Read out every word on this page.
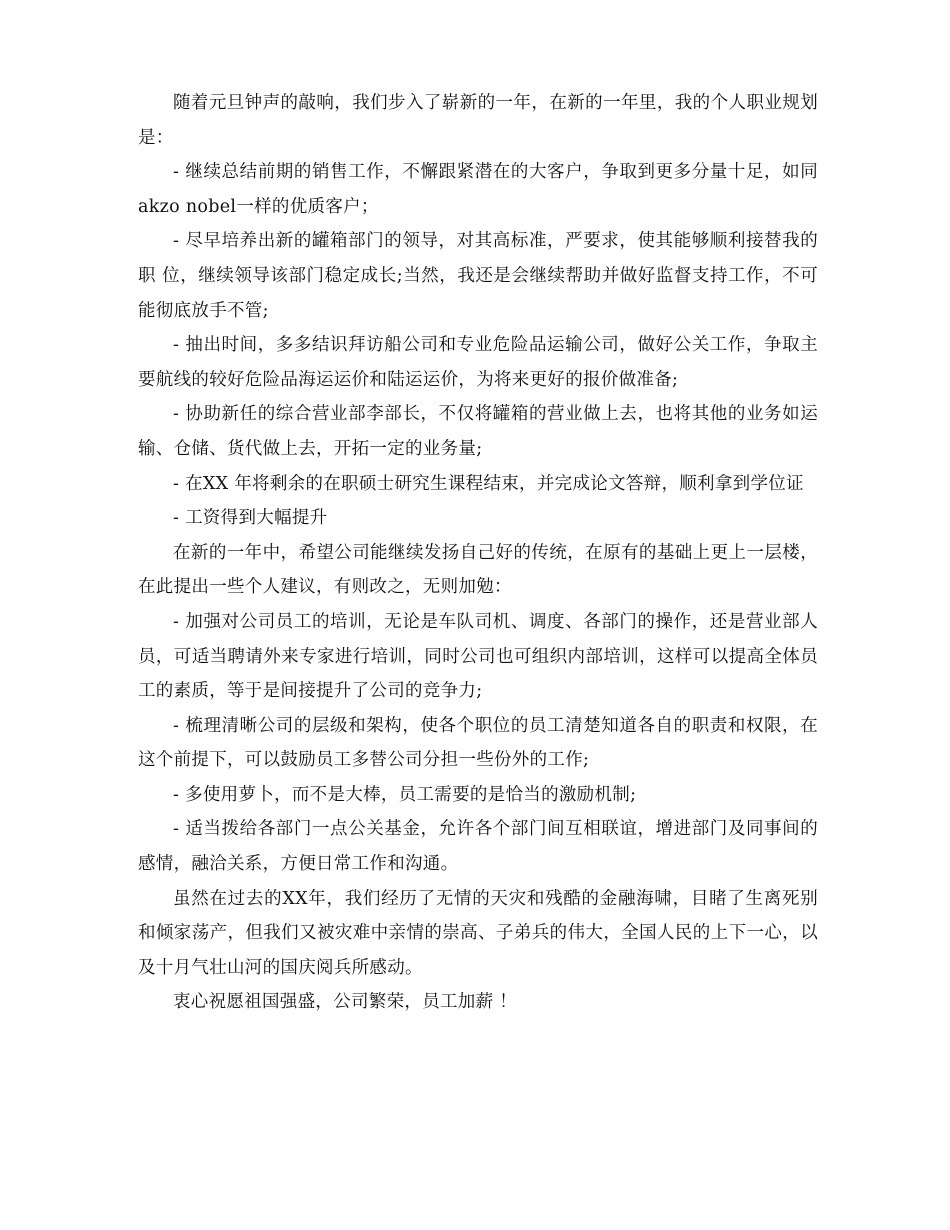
随着元旦钟声的敲响，我们步入了崭新的一年，在新的一年里，我的个人职业规划是：

- 继续总结前期的销售工作，不懈跟紧潜在的大客户，争取到更多分量十足，如同akzo nobel一样的优质客户；

- 尽早培养出新的罐箱部门的领导，对其高标准，严要求，使其能够顺利接替我的职 位，继续领导该部门稳定成长;当然，我还是会继续帮助并做好监督支持工作，不可能彻底放手不管;

- 抽出时间，多多结识拜访船公司和专业危险品运输公司，做好公关工作，争取主要航线的较好危险品海运运价和陆运运价，为将来更好的报价做准备;

- 协助新任的综合营业部李部长，不仅将罐箱的营业做上去，也将其他的业务如运输、仓储、货代做上去，开拓一定的业务量;

- 在XX 年将剩余的在职硕士研究生课程结束，并完成论文答辩，顺利拿到学位证

- 工资得到大幅提升

在新的一年中，希望公司能继续发扬自己好的传统，在原有的基础上更上一层楼，在此提出一些个人建议，有则改之，无则加勉：

- 加强对公司员工的培训，无论是车队司机、调度、各部门的操作，还是营业部人员，可适当聘请外来专家进行培训，同时公司也可组织内部培训，这样可以提高全体员工的素质，等于是间接提升了公司的竞争力;

- 梳理清晰公司的层级和架构，使各个职位的员工清楚知道各自的职责和权限，在这个前提下，可以鼓励员工多替公司分担一些份外的工作;

- 多使用萝卜，而不是大棒，员工需要的是恰当的激励机制;

- 适当拨给各部门一点公关基金，允许各个部门间互相联谊，增进部门及同事间的感情，融洽关系，方便日常工作和沟通。

虽然在过去的XX年，我们经历了无情的天灾和残酷的金融海啸，目睹了生离死别和倾家荡产，但我们又被灾难中亲情的崇高、子弟兵的伟大，全国人民的上下一心，以及十月气壮山河的国庆阅兵所感动。

衷心祝愿祖国强盛，公司繁荣，员工加薪 ！
